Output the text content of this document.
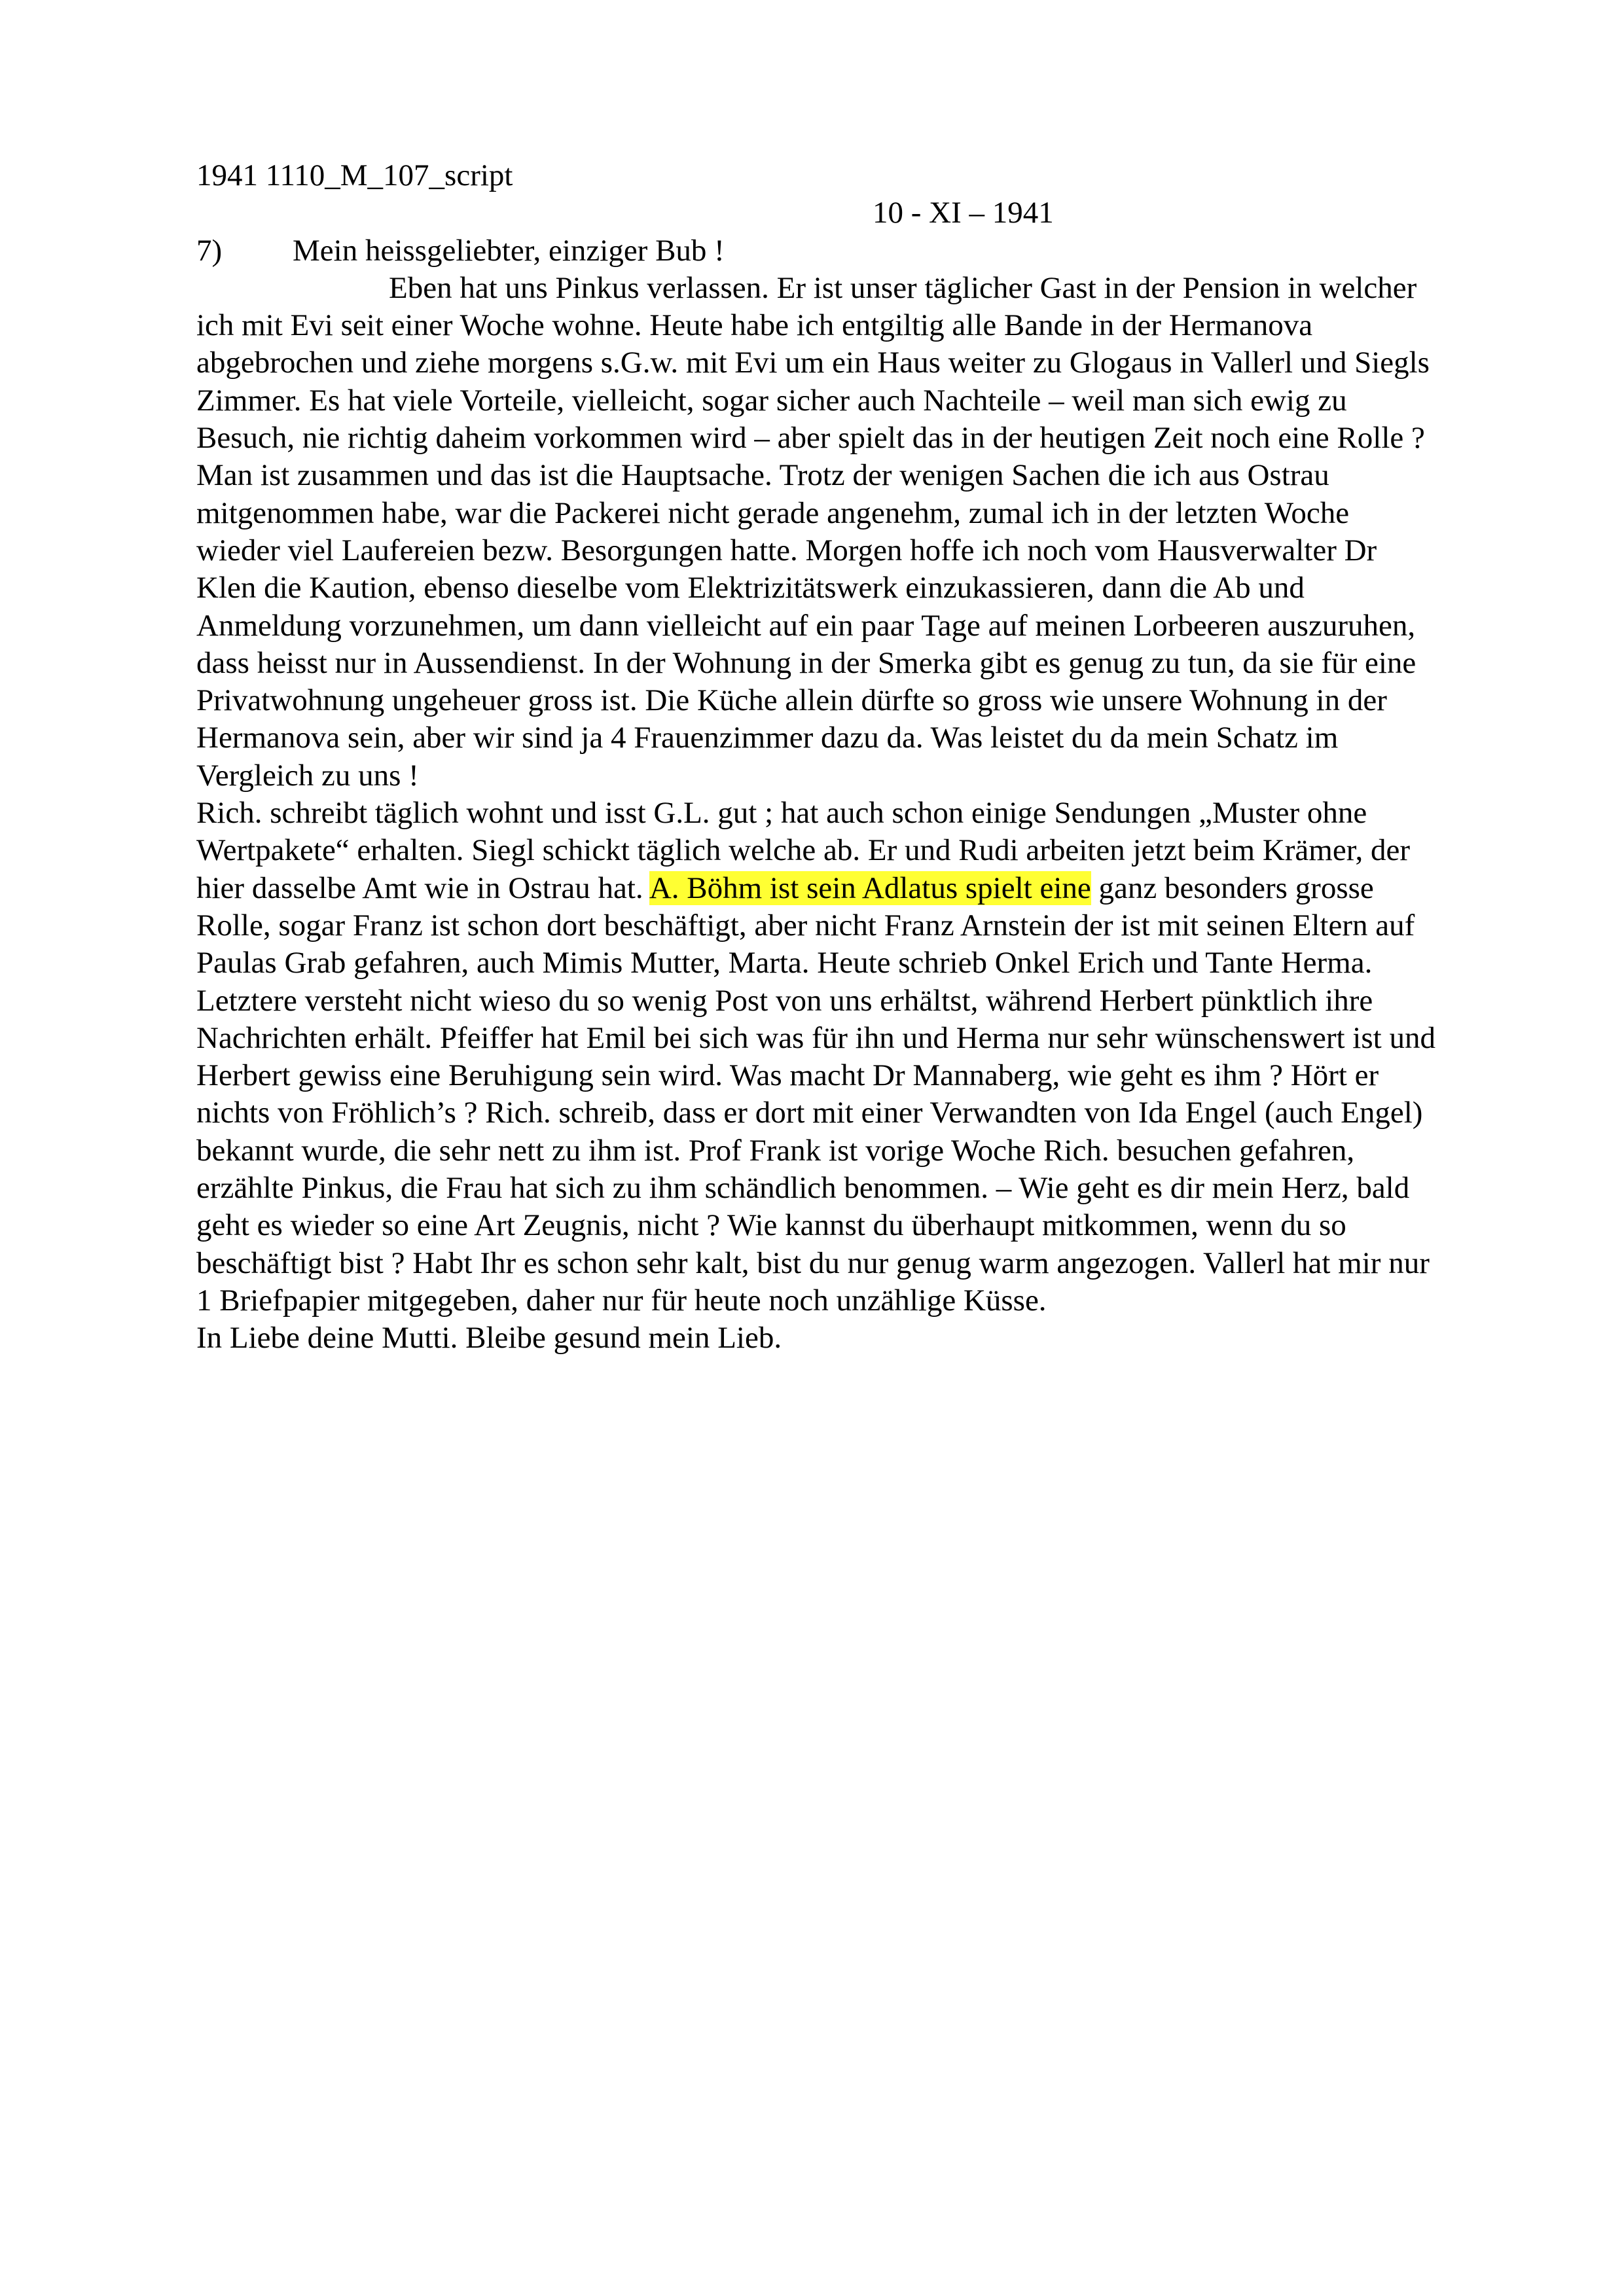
1941 1110_M_107_script
10 - XI – 1941
7) Mein heissgeliebter, einziger Bub !
Eben hat uns Pinkus verlassen. Er ist unser täglicher Gast in der Pension in welcher
ich mit Evi seit einer Woche wohne. Heute habe ich entgiltig alle Bande in der Hermanova
abgebrochen und ziehe morgens s.G.w. mit Evi um ein Haus weiter zu Glogaus in Vallerl und Siegls
Zimmer. Es hat viele Vorteile, vielleicht, sogar sicher auch Nachteile – weil man sich ewig zu
Besuch, nie richtig daheim vorkommen wird – aber spielt das in der heutigen Zeit noch eine Rolle ?
Man ist zusammen und das ist die Hauptsache. Trotz der wenigen Sachen die ich aus Ostrau
mitgenommen habe, war die Packerei nicht gerade angenehm, zumal ich in der letzten Woche
wieder viel Laufereien bezw. Besorgungen hatte. Morgen hoffe ich noch vom Hausverwalter Dr
Klen die Kaution, ebenso dieselbe vom Elektrizitätswerk einzukassieren, dann die Ab und
Anmeldung vorzunehmen, um dann vielleicht auf ein paar Tage auf meinen Lorbeeren auszuruhen,
dass heisst nur in Aussendienst. In der Wohnung in der Smerka gibt es genug zu tun, da sie für eine
Privatwohnung ungeheuer gross ist. Die Küche allein dürfte so gross wie unsere Wohnung in der
Hermanova sein, aber wir sind ja 4 Frauenzimmer dazu da. Was leistet du da mein Schatz im
Vergleich zu uns !
Rich. schreibt täglich wohnt und isst G.L. gut ; hat auch schon einige Sendungen „Muster ohne
Wertpakete“ erhalten. Siegl schickt täglich welche ab. Er und Rudi arbeiten jetzt beim Krämer, der
hier dasselbe Amt wie in Ostrau hat. A. Böhm ist sein Adlatus spielt eine ganz besonders grosse
Rolle, sogar Franz ist schon dort beschäftigt, aber nicht Franz Arnstein der ist mit seinen Eltern auf
Paulas Grab gefahren, auch Mimis Mutter, Marta. Heute schrieb Onkel Erich und Tante Herma.
Letztere versteht nicht wieso du so wenig Post von uns erhältst, während Herbert pünktlich ihre
Nachrichten erhält. Pfeiffer hat Emil bei sich was für ihn und Herma nur sehr wünschenswert ist und
Herbert gewiss eine Beruhigung sein wird. Was macht Dr Mannaberg, wie geht es ihm ? Hört er
nichts von Fröhlich’s ? Rich. schreib, dass er dort mit einer Verwandten von Ida Engel (auch Engel)
bekannt wurde, die sehr nett zu ihm ist. Prof Frank ist vorige Woche Rich. besuchen gefahren,
erzählte Pinkus, die Frau hat sich zu ihm schändlich benommen. – Wie geht es dir mein Herz, bald
geht es wieder so eine Art Zeugnis, nicht ? Wie kannst du überhaupt mitkommen, wenn du so
beschäftigt bist ? Habt Ihr es schon sehr kalt, bist du nur genug warm angezogen. Vallerl hat mir nur
1 Briefpapier mitgegeben, daher nur für heute noch unzählige Küsse.
In Liebe deine Mutti. Bleibe gesund mein Lieb.
